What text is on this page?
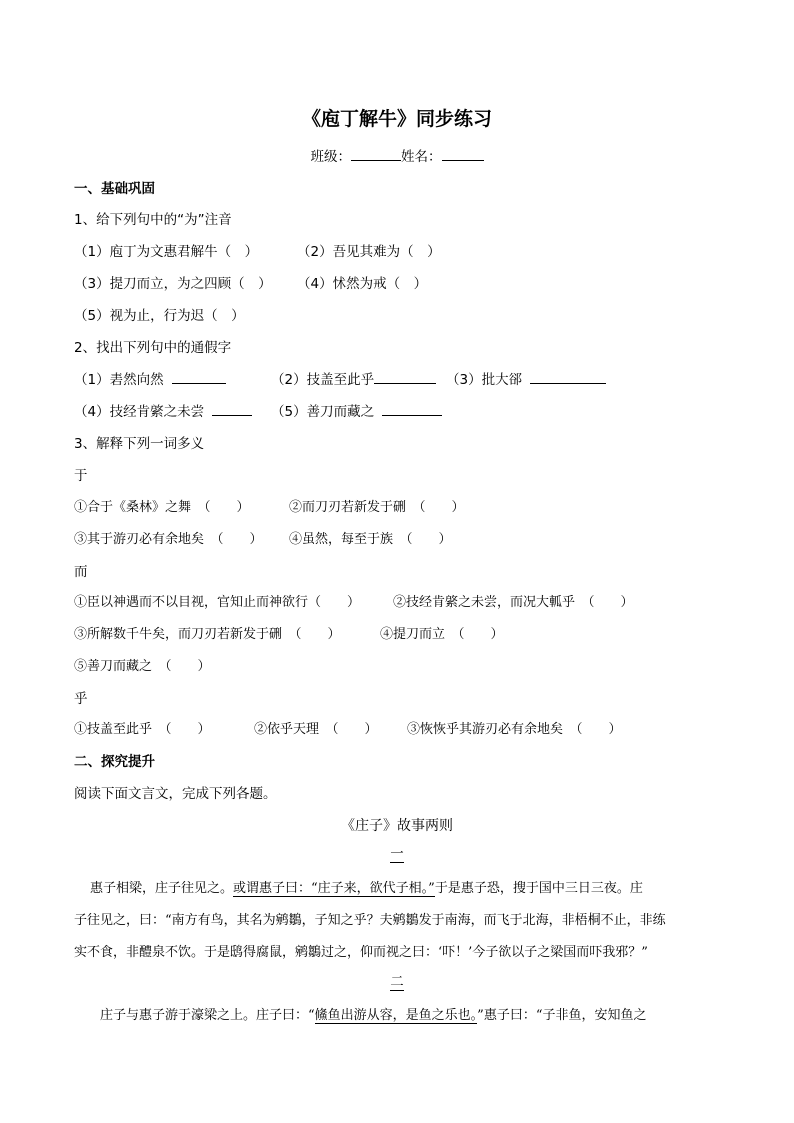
《庖丁解牛》同步练习
班级：	姓名：
一、基础巩固
1、给下列句中的“为”注音
（1）庖丁为文惠君解牛（　）	（2）吾见其难为（　）
（3）提刀而立，为之四顾（　） （4）怵然为戒（　）
（5）视为止，行为迟（　）
2、找出下列句中的通假字
（1）砉然向然	（2）技盖至此乎	（3）批大郤
（4）技经肯綮之未尝	（5）善刀而藏之
3、解释下列一词多义
于
①合于《桑林》之舞　（　　）	②而刀刃若新发于硎　（　　）
③其于游刃必有余地矣　（　　） ④虽然，每至于族　（　　）
而
①臣以神遇而不以目视，官知止而神欲行（　　）	②技经肯綮之未尝，而况大軱乎　（　　）
③所解数千牛矣，而刀刃若新发于硎　（　　）	④提刀而立　（　　）
⑤善刀而藏之　（　　）
乎
①技盖至此乎　（　　）	②依乎天理　（　　） ③恢恢乎其游刃必有余地矣　（　　）
二、探究提升
阅读下面文言文，完成下列各题。
《庄子》故事两则
一
惠子相梁，庄子往见之。或谓惠子曰：“庄子来，欲代子相。”于是惠子恐，搜于国中三日三夜。庄
子往见之，曰：“南方有鸟，其名为鹓鶵，子知之乎？夫鹓鶵发于南海，而飞于北海，非梧桐不止，非练
实不食，非醴泉不饮。于是鸱得腐鼠，鹓鶵过之，仰而视之曰：‘吓！’今子欲以子之梁国而吓我邪？”
二
庄子与惠子游于濠梁之上。庄子曰：“鯈鱼出游从容，是鱼之乐也。”惠子曰：“子非鱼，安知鱼之
